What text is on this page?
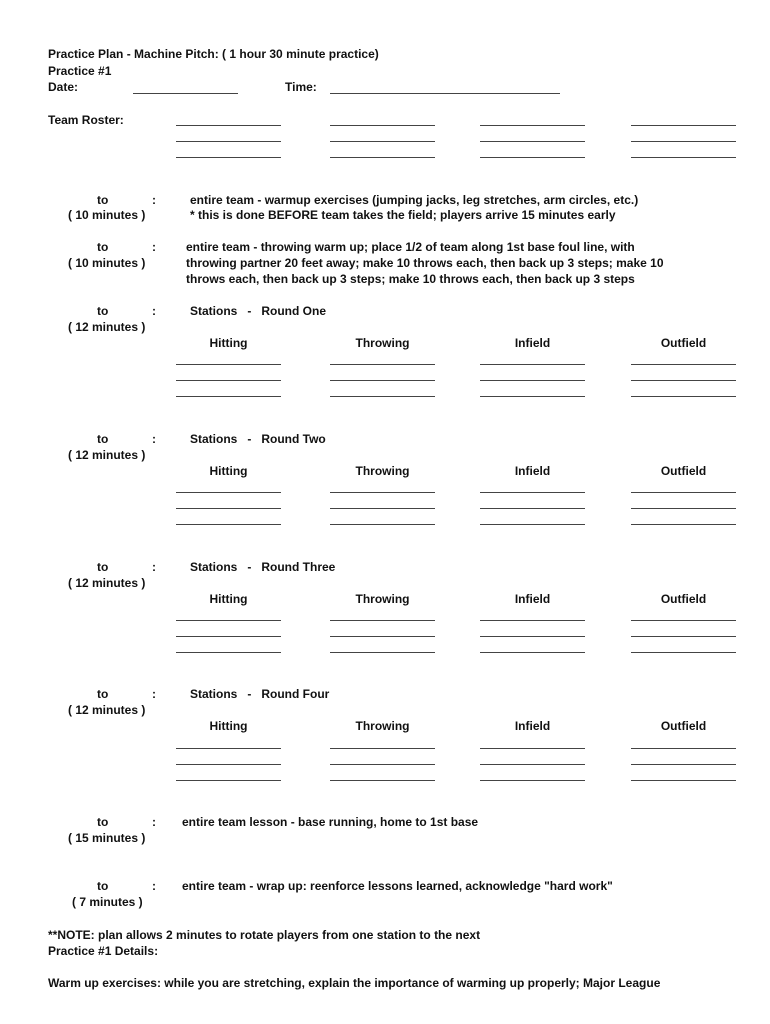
Practice Plan - Machine Pitch: ( 1 hour 30 minute practice)
Practice #1
Date:	Time:
Team Roster:
to	:
( 10 minutes )
entire team - warmup exercises (jumping jacks, leg stretches, arm circles, etc.)
* this is done BEFORE team takes the field; players arrive 15 minutes early
to	:
( 10 minutes )
entire team - throwing warm up; place 1/2 of team along 1st base foul line, with
throwing partner 20 feet away; make 10 throws each, then back up 3 steps; make 10
throws each, then back up 3 steps; make 10 throws each, then back up 3 steps
to	:
( 12 minutes )
Stations   -   Round One
Hitting	Throwing	Infield	Outfield
to	:
( 12 minutes )
Stations   -   Round Two
Hitting	Throwing	Infield	Outfield
to	:
( 12 minutes )
Stations   -   Round Three
Hitting	Throwing	Infield	Outfield
to	:
( 12 minutes )
Stations   -   Round Four
Hitting	Throwing	Infield	Outfield
to	:
( 15 minutes )
entire team lesson - base running, home to 1st base
to	:
( 7 minutes )
entire team - wrap up: reenforce lessons learned, acknowledge "hard work"
**NOTE: plan allows 2 minutes to rotate players from one station to the next
Practice #1 Details:
Warm up exercises: while you are stretching, explain the importance of warming up properly; Major League
